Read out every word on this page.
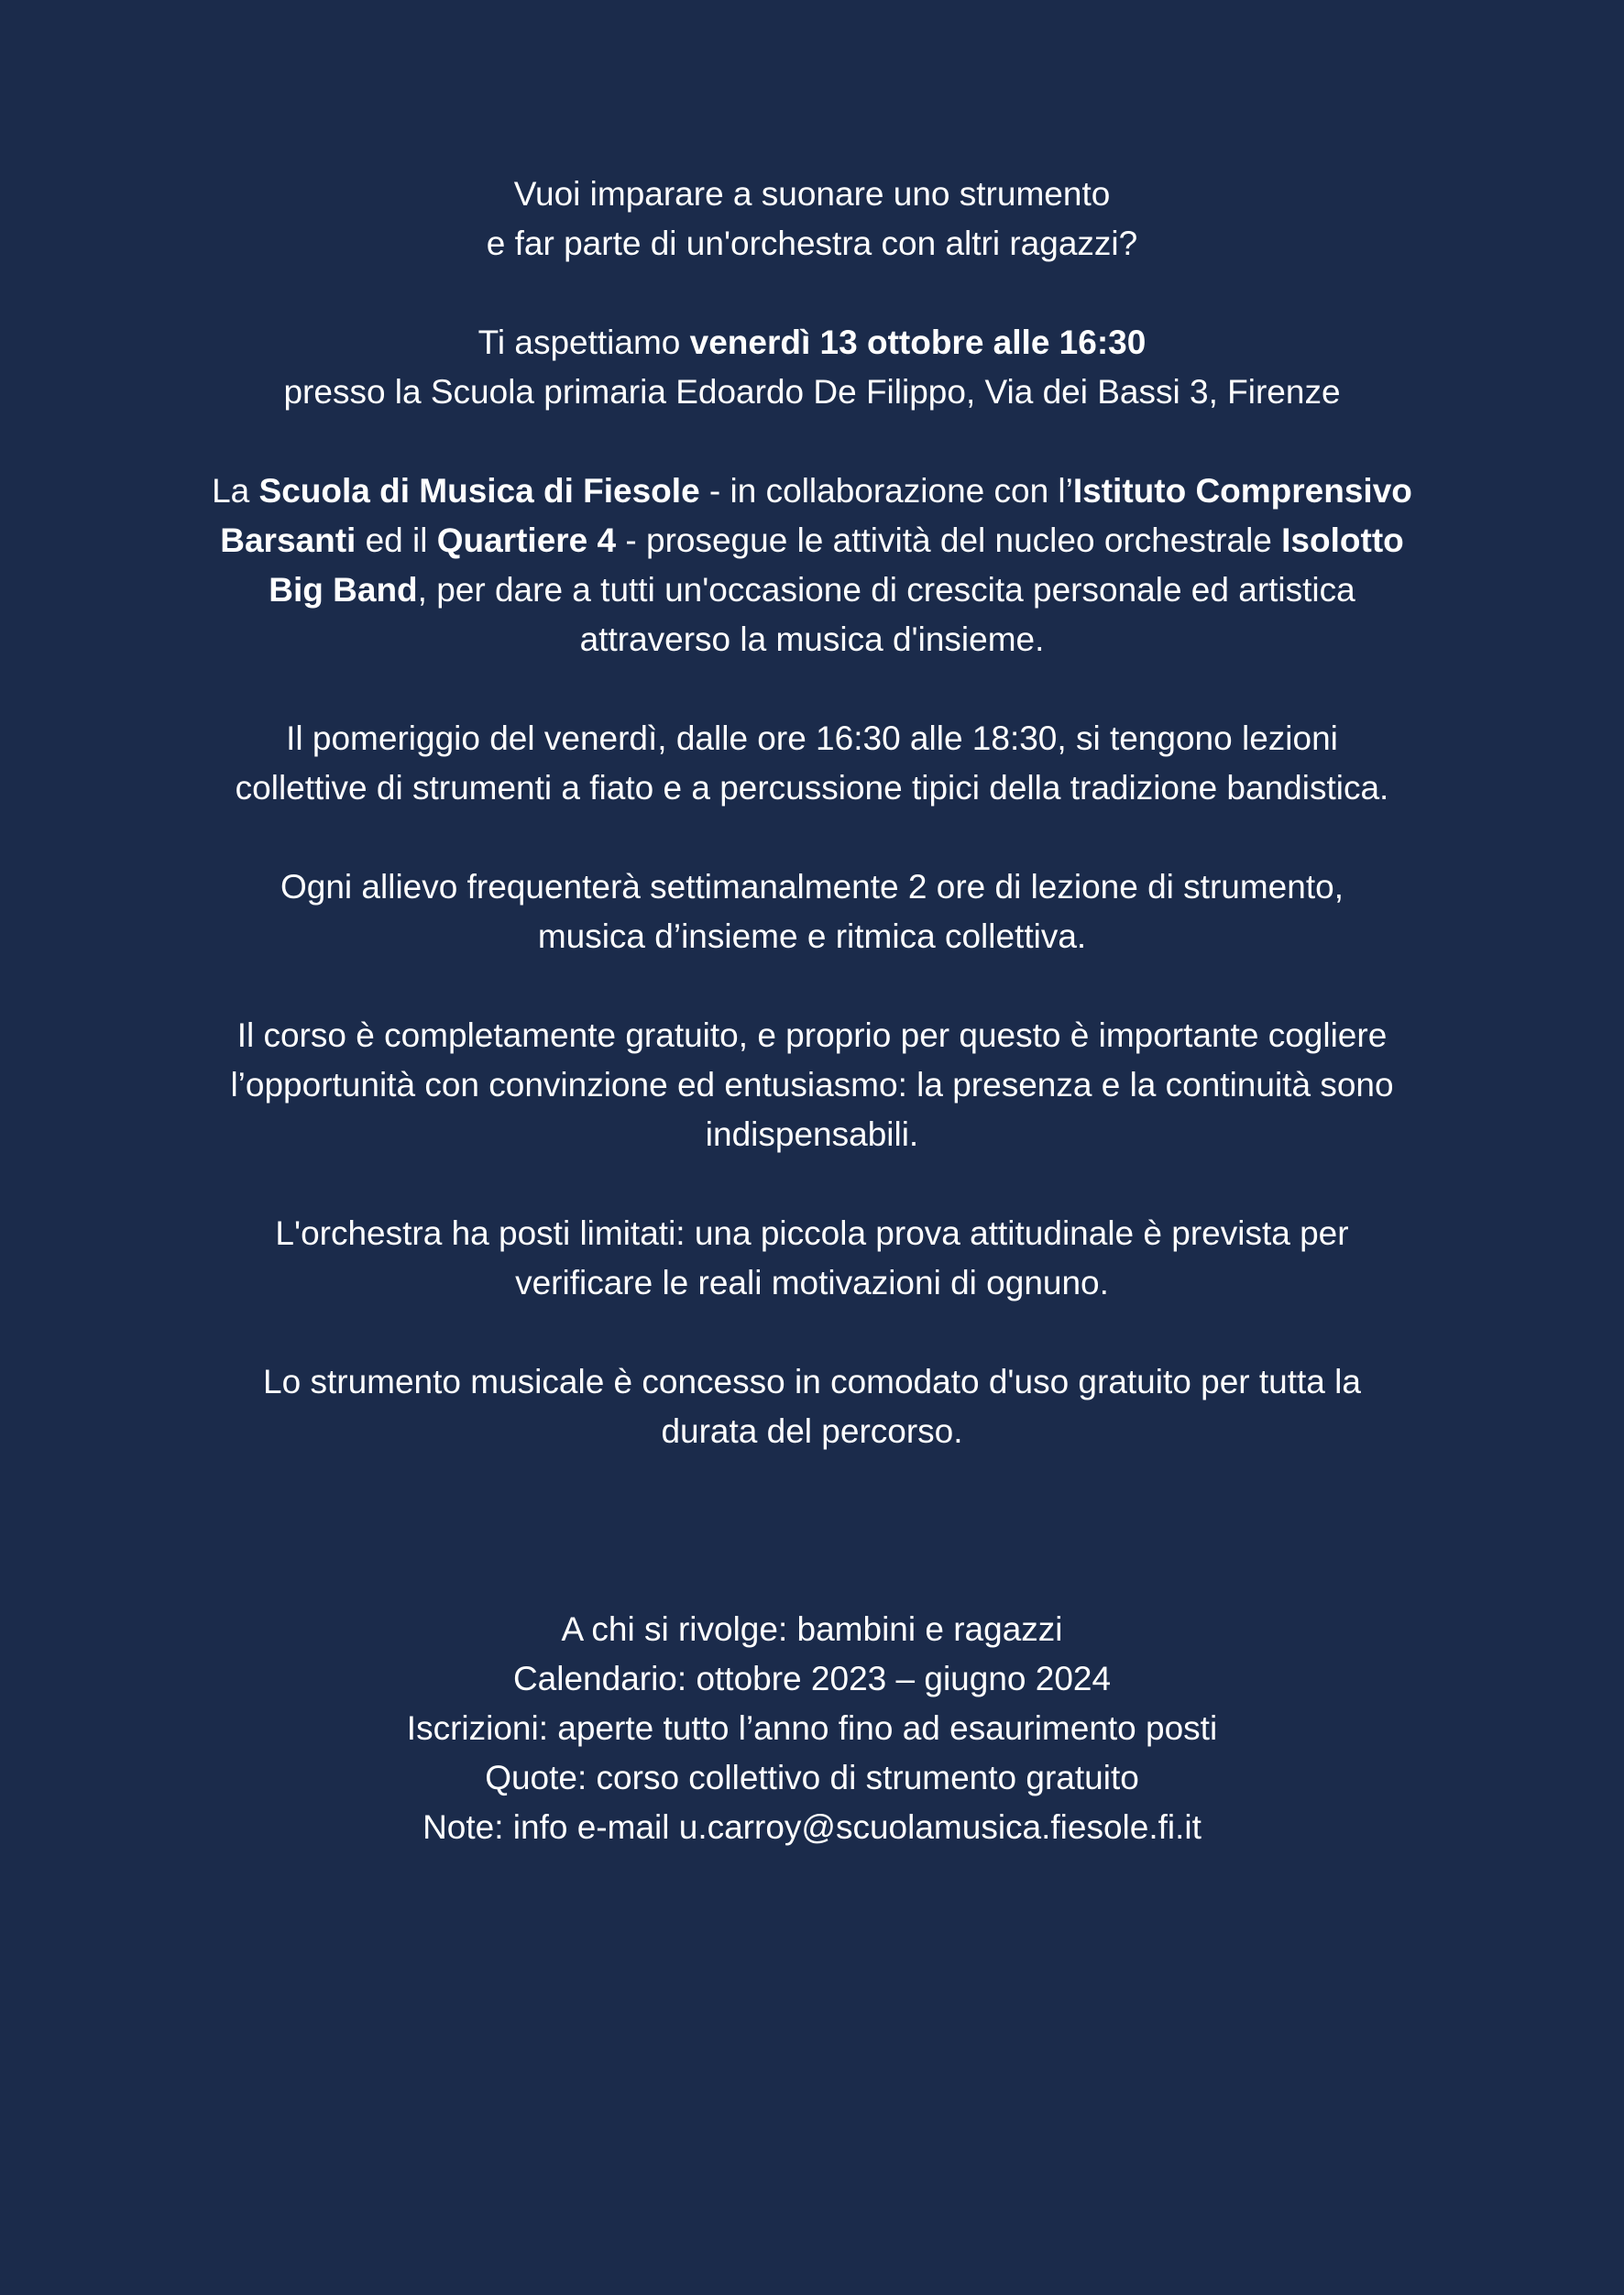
Vuoi imparare a suonare uno strumento
e far parte di un'orchestra con altri ragazzi?

Ti aspettiamo venerdì 13 ottobre alle 16:30
presso la Scuola primaria Edoardo De Filippo, Via dei Bassi 3, Firenze

La Scuola di Musica di Fiesole - in collaborazione con l’Istituto Comprensivo
Barsanti ed il Quartiere 4 - prosegue le attività del nucleo orchestrale Isolotto
Big Band, per dare a tutti un'occasione di crescita personale ed artistica
attraverso la musica d'insieme.

Il pomeriggio del venerdì, dalle ore 16:30 alle 18:30, si tengono lezioni
collettive di strumenti a fiato e a percussione tipici della tradizione bandistica.

Ogni allievo frequenterà settimanalmente 2 ore di lezione di strumento,
musica d’insieme e ritmica collettiva.

Il corso è completamente gratuito, e proprio per questo è importante cogliere
l’opportunità con convinzione ed entusiasmo: la presenza e la continuità sono
indispensabili.

L'orchestra ha posti limitati: una piccola prova attitudinale è prevista per
verificare le reali motivazioni di ognuno.

Lo strumento musicale è concesso in comodato d'uso gratuito per tutta la
durata del percorso.

A chi si rivolge: bambini e ragazzi
Calendario: ottobre 2023 – giugno 2024
Iscrizioni: aperte tutto l’anno fino ad esaurimento posti
Quote: corso collettivo di strumento gratuito
Note: info e-mail u.carroy@scuolamusica.fiesole.fi.it
